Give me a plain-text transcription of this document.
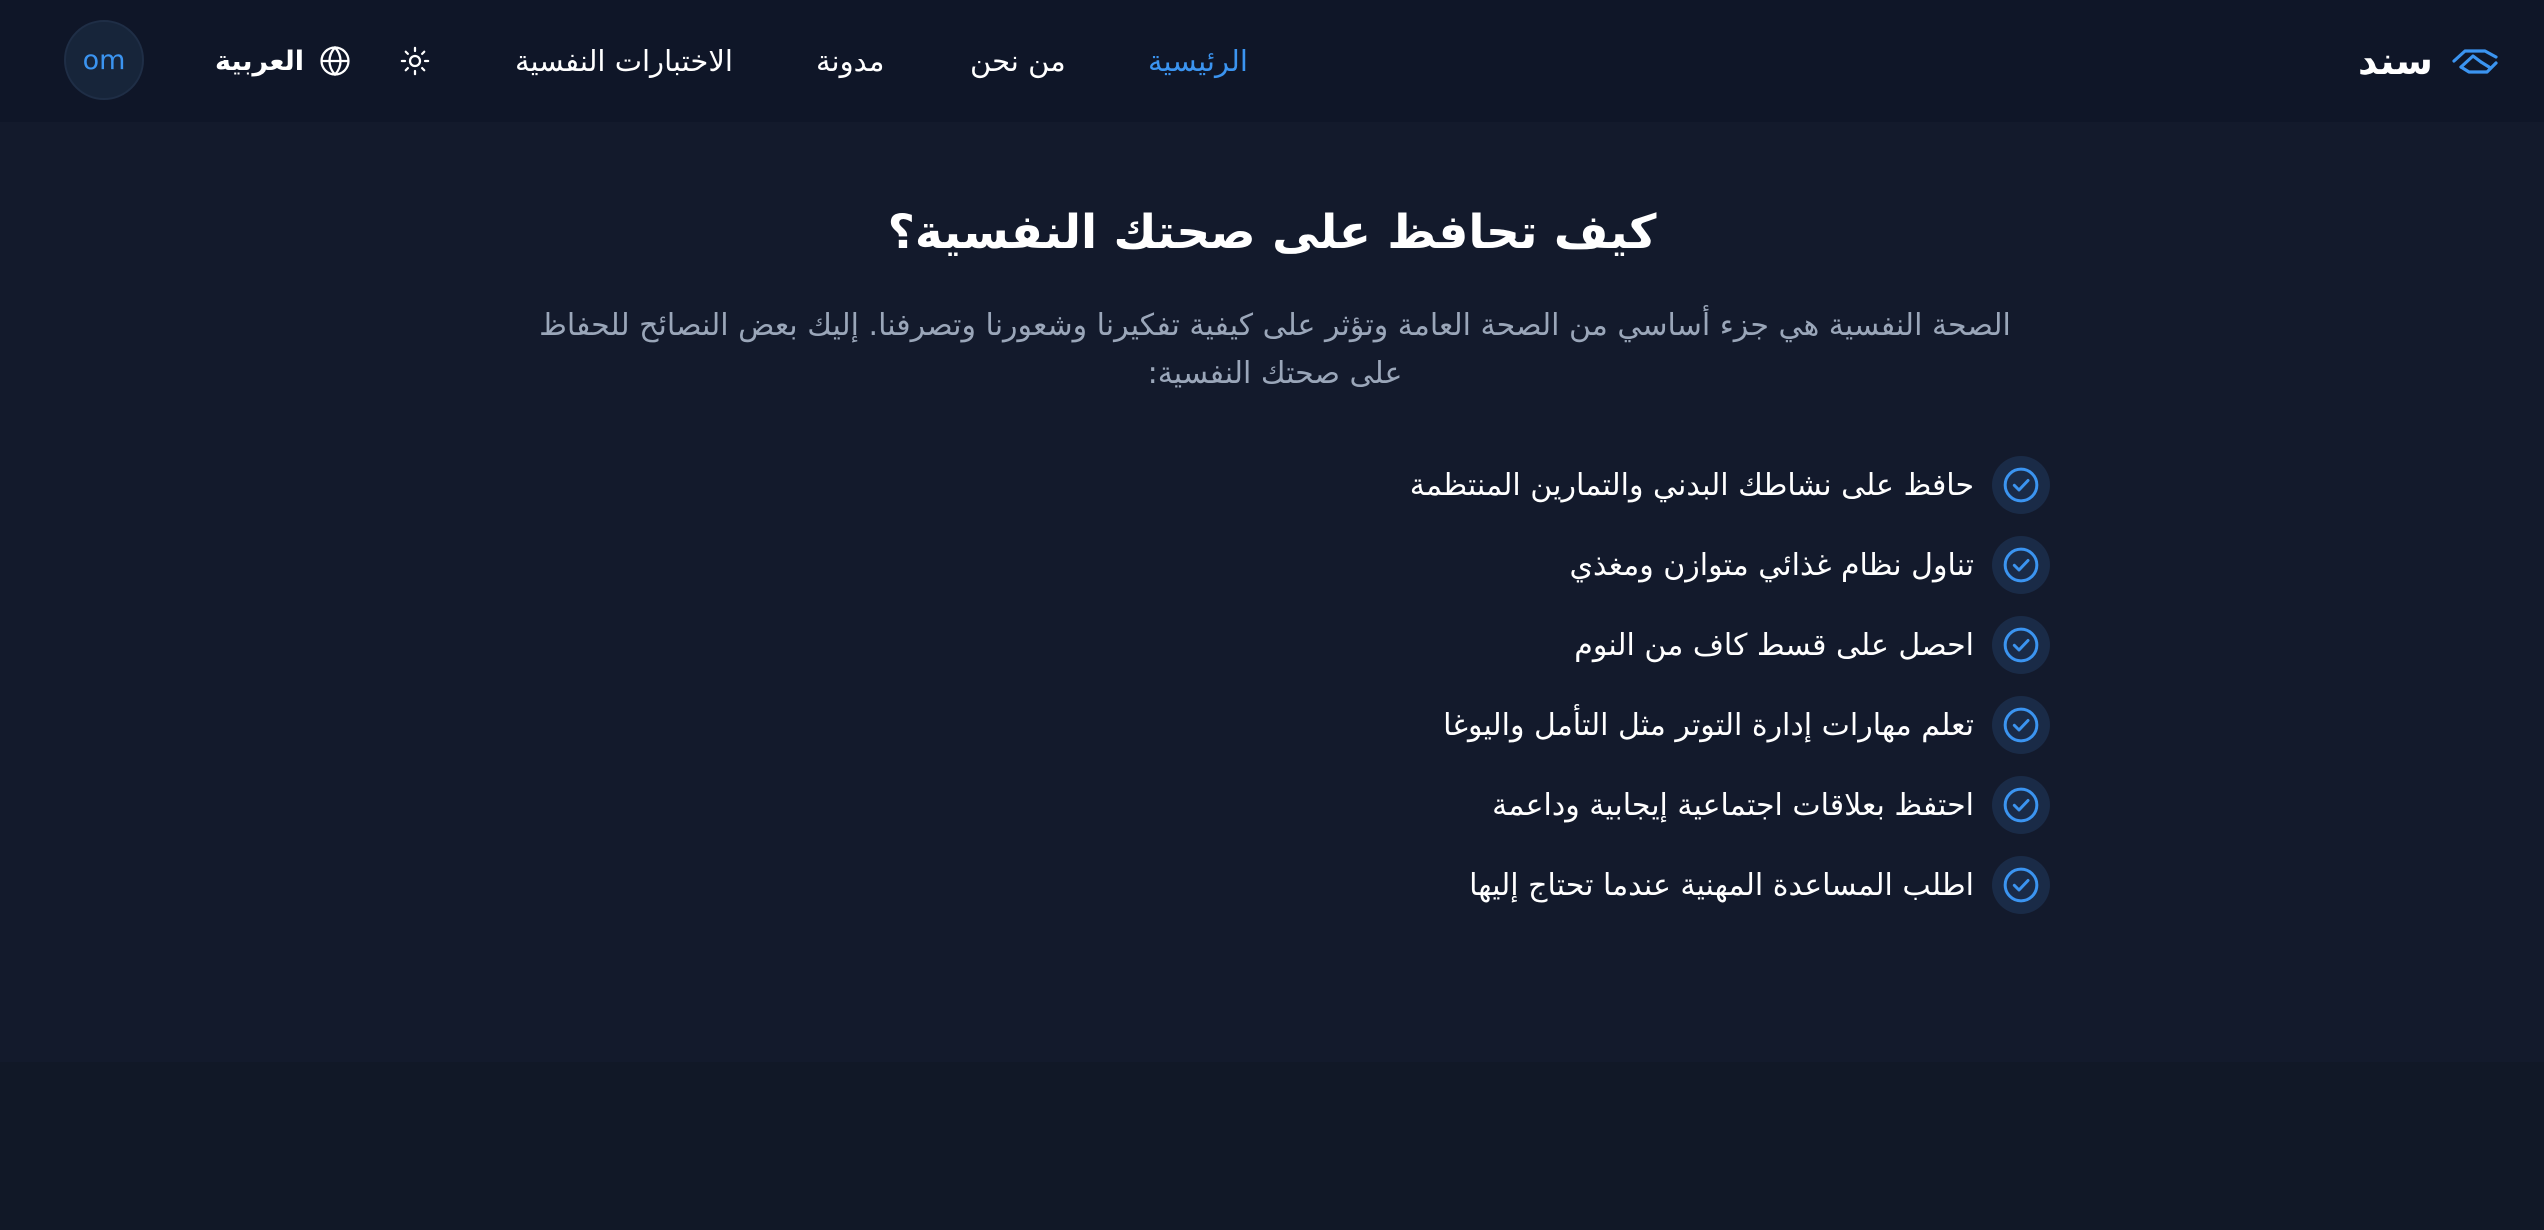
om	العربية	الاختبارات النفسية	مدونة	من نحن	الرئيسية	سند
كيف تحافظ على صحتك النفسية؟

الصحة النفسية هي جزء أساسي من الصحة العامة وتؤثر على كيفية تفكيرنا وشعورنا وتصرفنا. إليك بعض النصائح للحفاظ على صحتك النفسية:

حافظ على نشاطك البدني والتمارين المنتظمة
تناول نظام غذائي متوازن ومغذي
احصل على قسط كاف من النوم
تعلم مهارات إدارة التوتر مثل التأمل واليوغا
احتفظ بعلاقات اجتماعية إيجابية وداعمة
اطلب المساعدة المهنية عندما تحتاج إليها
